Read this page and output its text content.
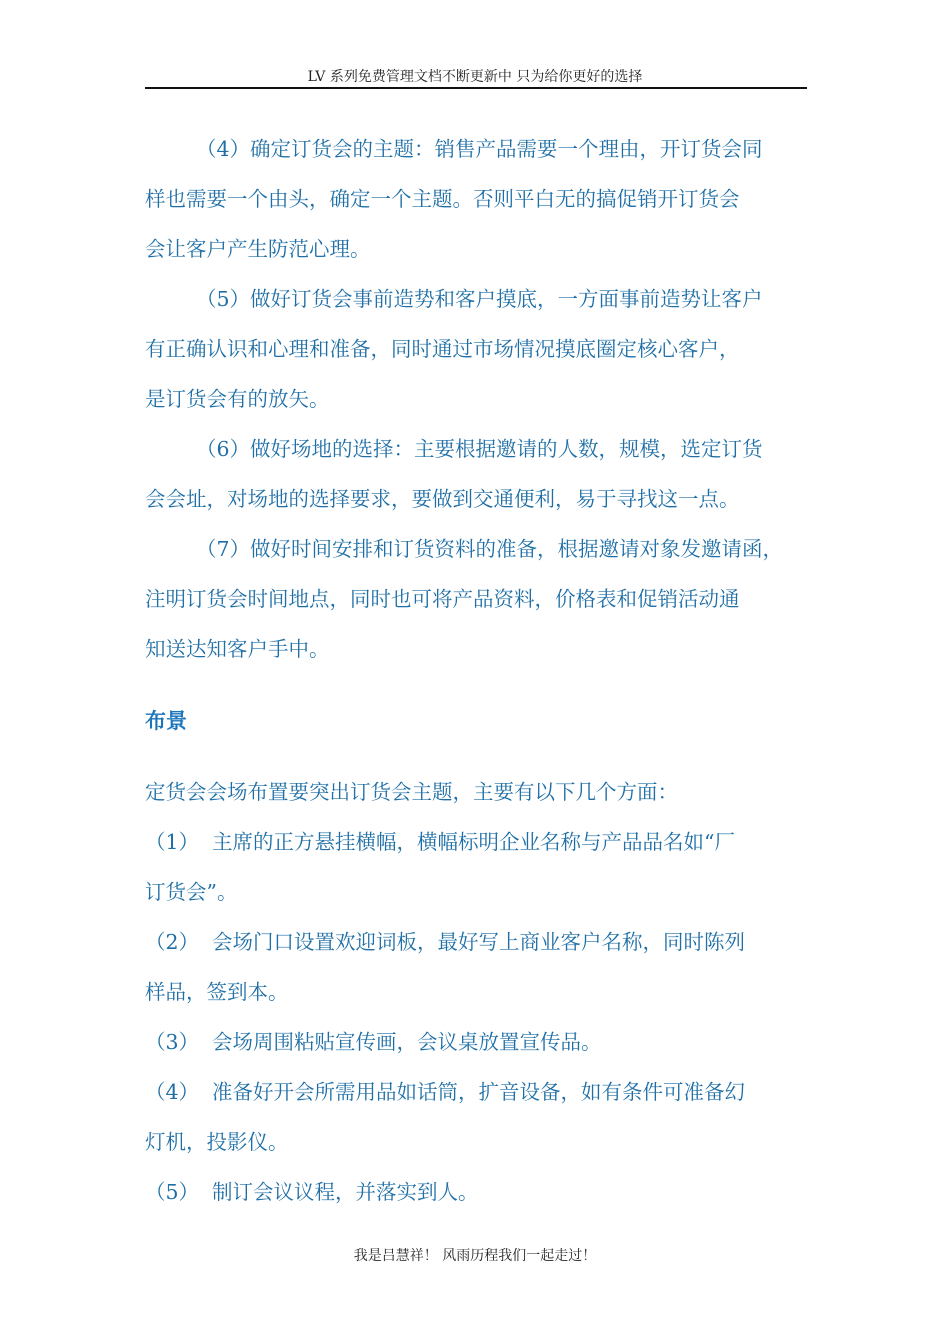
LV 系列免费管理文档不断更新中 只为给你更好的选择

（4）确定订货会的主题：销售产品需要一个理由，开订货会同

样也需要一个由头，确定一个主题。否则平白无的搞促销开订货会

会让客户产生防范心理。

（5）做好订货会事前造势和客户摸底，一方面事前造势让客户

有正确认识和心理和准备，同时通过市场情况摸底圈定核心客户，

是订货会有的放矢。

（6）做好场地的选择：主要根据邀请的人数，规模，选定订货

会会址，对场地的选择要求，要做到交通便利，易于寻找这一点。

（7）做好时间安排和订货资料的准备，根据邀请对象发邀请函，

注明订货会时间地点，同时也可将产品资料，价格表和促销活动通

知送达知客户手中。

布景

定货会会场布置要突出订货会主题，主要有以下几个方面：

（1） 主席的正方悬挂横幅，横幅标明企业名称与产品品名如“厂

订货会”。

（2） 会场门口设置欢迎词板，最好写上商业客户名称，同时陈列

样品，签到本。

（3） 会场周围粘贴宣传画，会议桌放置宣传品。

（4） 准备好开会所需用品如话筒，扩音设备，如有条件可准备幻

灯机，投影仪。

（5） 制订会议议程，并落实到人。

我是吕慧祥！ 风雨历程我们一起走过！
